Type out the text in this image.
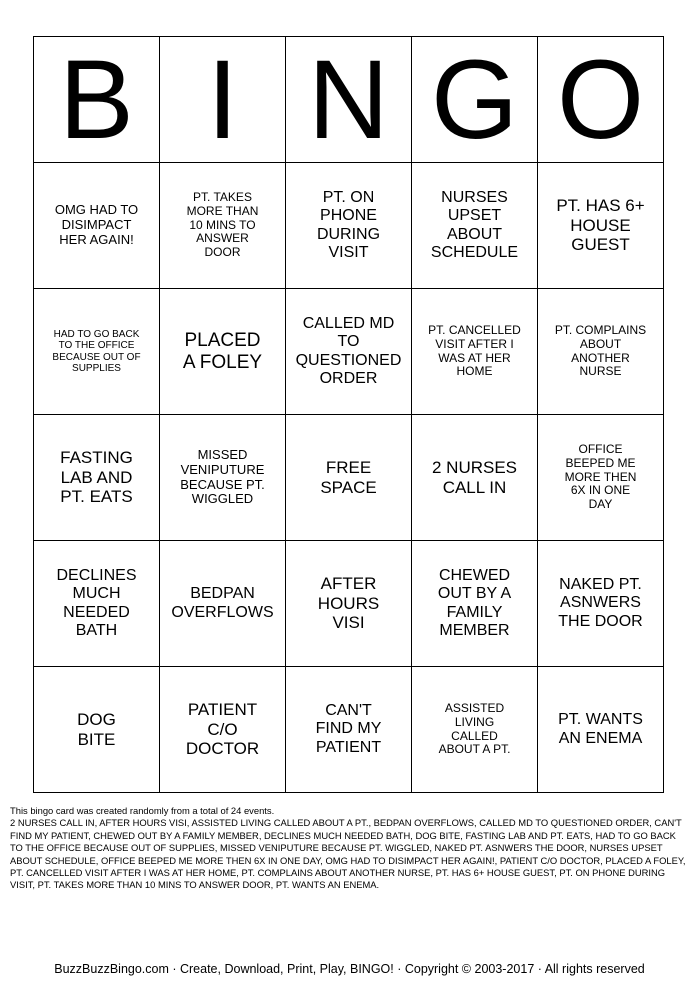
B	I	N	G	O
OMG HAD TO DISIMPACT HER AGAIN!	PT. TAKES MORE THAN 10 MINS TO ANSWER DOOR	PT. ON PHONE DURING VISIT	NURSES UPSET ABOUT SCHEDULE	PT. HAS 6+ HOUSE GUEST
HAD TO GO BACK TO THE OFFICE BECAUSE OUT OF SUPPLIES	PLACED A FOLEY	CALLED MD TO QUESTIONED ORDER	PT. CANCELLED VISIT AFTER I WAS AT HER HOME	PT. COMPLAINS ABOUT ANOTHER NURSE
FASTING LAB AND PT. EATS	MISSED VENIPUTURE BECAUSE PT. WIGGLED	FREE SPACE	2 NURSES CALL IN	OFFICE BEEPED ME MORE THEN 6X IN ONE DAY
DECLINES MUCH NEEDED BATH	BEDPAN OVERFLOWS	AFTER HOURS VISI	CHEWED OUT BY A FAMILY MEMBER	NAKED PT. ASNWERS THE DOOR
DOG BITE	PATIENT C/O DOCTOR	CAN'T FIND MY PATIENT	ASSISTED LIVING CALLED ABOUT A PT.	PT. WANTS AN ENEMA

This bingo card was created randomly from a total of 24 events.

2 NURSES CALL IN, AFTER HOURS VISI, ASSISTED LIVING CALLED ABOUT A PT., BEDPAN OVERFLOWS, CALLED MD TO QUESTIONED ORDER, CAN'T FIND MY PATIENT, CHEWED OUT BY A FAMILY MEMBER, DECLINES MUCH NEEDED BATH, DOG BITE, FASTING LAB AND PT. EATS, HAD TO GO BACK TO THE OFFICE BECAUSE OUT OF SUPPLIES, MISSED VENIPUTURE BECAUSE PT. WIGGLED, NAKED PT. ASNWERS THE DOOR, NURSES UPSET ABOUT SCHEDULE, OFFICE BEEPED ME MORE THEN 6X IN ONE DAY, OMG HAD TO DISIMPACT HER AGAIN!, PATIENT C/O DOCTOR, PLACED A FOLEY, PT. CANCELLED VISIT AFTER I WAS AT HER HOME, PT. COMPLAINS ABOUT ANOTHER NURSE, PT. HAS 6+ HOUSE GUEST, PT. ON PHONE DURING VISIT, PT. TAKES MORE THAN 10 MINS TO ANSWER DOOR, PT. WANTS AN ENEMA.

BuzzBuzzBingo.com · Create, Download, Print, Play, BINGO! · Copyright © 2003-2017 · All rights reserved
